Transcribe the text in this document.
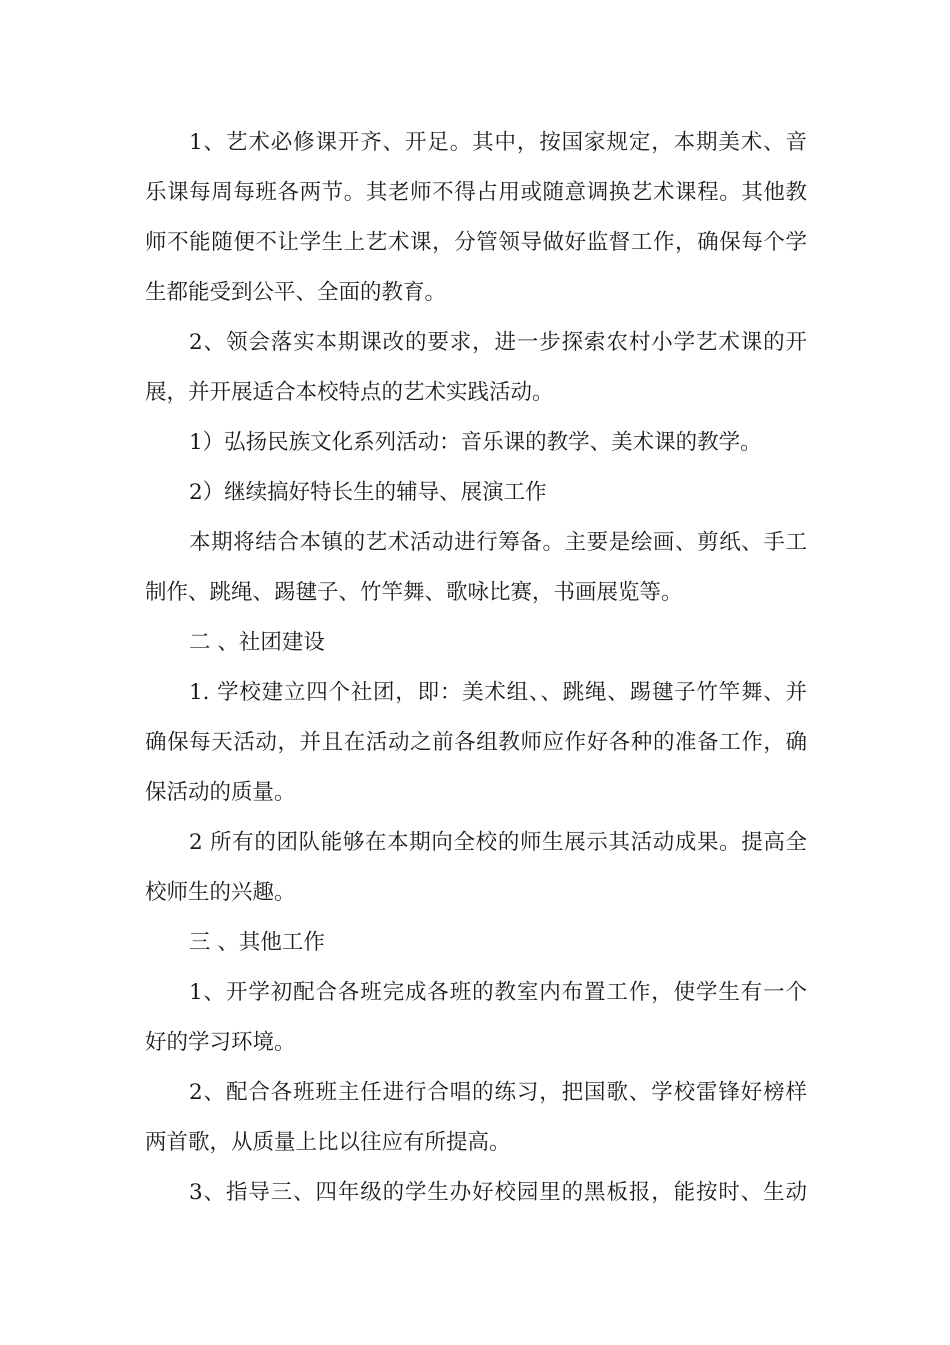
1、艺术必修课开齐、开足。其中，按国家规定，本期美术、音
乐课每周每班各两节。其老师不得占用或随意调换艺术课程。其他教
师不能随便不让学生上艺术课，分管领导做好监督工作，确保每个学
生都能受到公平、全面的教育。
2、领会落实本期课改的要求，进一步探索农村小学艺术课的开
展，并开展适合本校特点的艺术实践活动。
1）弘扬民族文化系列活动：音乐课的教学、美术课的教学。
2）继续搞好特长生的辅导、展演工作
本期将结合本镇的艺术活动进行筹备。主要是绘画、剪纸、手工
制作、跳绳、踢毽子、竹竿舞、歌咏比赛，书画展览等。
二 、社团建设
1. 学校建立四个社团，即：美术组、、跳绳、踢毽子竹竿舞、并
确保每天活动，并且在活动之前各组教师应作好各种的准备工作，确
保活动的质量。
2 所有的团队能够在本期向全校的师生展示其活动成果。提高全
校师生的兴趣。
三 、其他工作
1、开学初配合各班完成各班的教室内布置工作，使学生有一个
好的学习环境。
2、配合各班班主任进行合唱的练习，把国歌、学校雷锋好榜样
两首歌，从质量上比以往应有所提高。
3、指导三、四年级的学生办好校园里的黑板报，能按时、生动
